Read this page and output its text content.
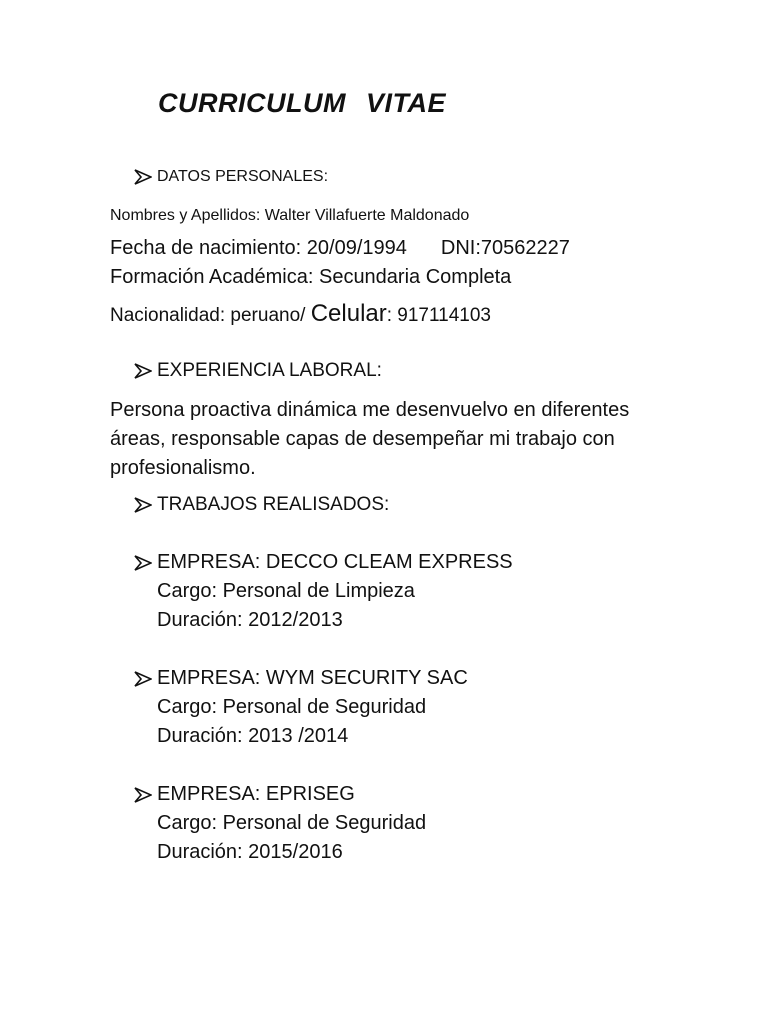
CURRICULUM VITAE
DATOS PERSONALES:
Nombres y Apellidos: Walter Villafuerte Maldonado
Fecha de nacimiento: 20/09/1994 DNI:70562227
Formación Académica: Secundaria Completa
Nacionalidad: peruano/ Celular: 917114103
EXPERIENCIA LABORAL:
Persona proactiva dinámica me desenvuelvo en diferentes áreas, responsable capas de desempeñar mi trabajo con profesionalismo.
TRABAJOS REALISADOS:
EMPRESA: DECCO CLEAM EXPRESS
Cargo: Personal de Limpieza
Duración: 2012/2013
EMPRESA: WYM SECURITY SAC
Cargo: Personal de Seguridad
Duración: 2013 /2014
EMPRESA: EPRISEG
Cargo: Personal de Seguridad
Duración: 2015/2016
